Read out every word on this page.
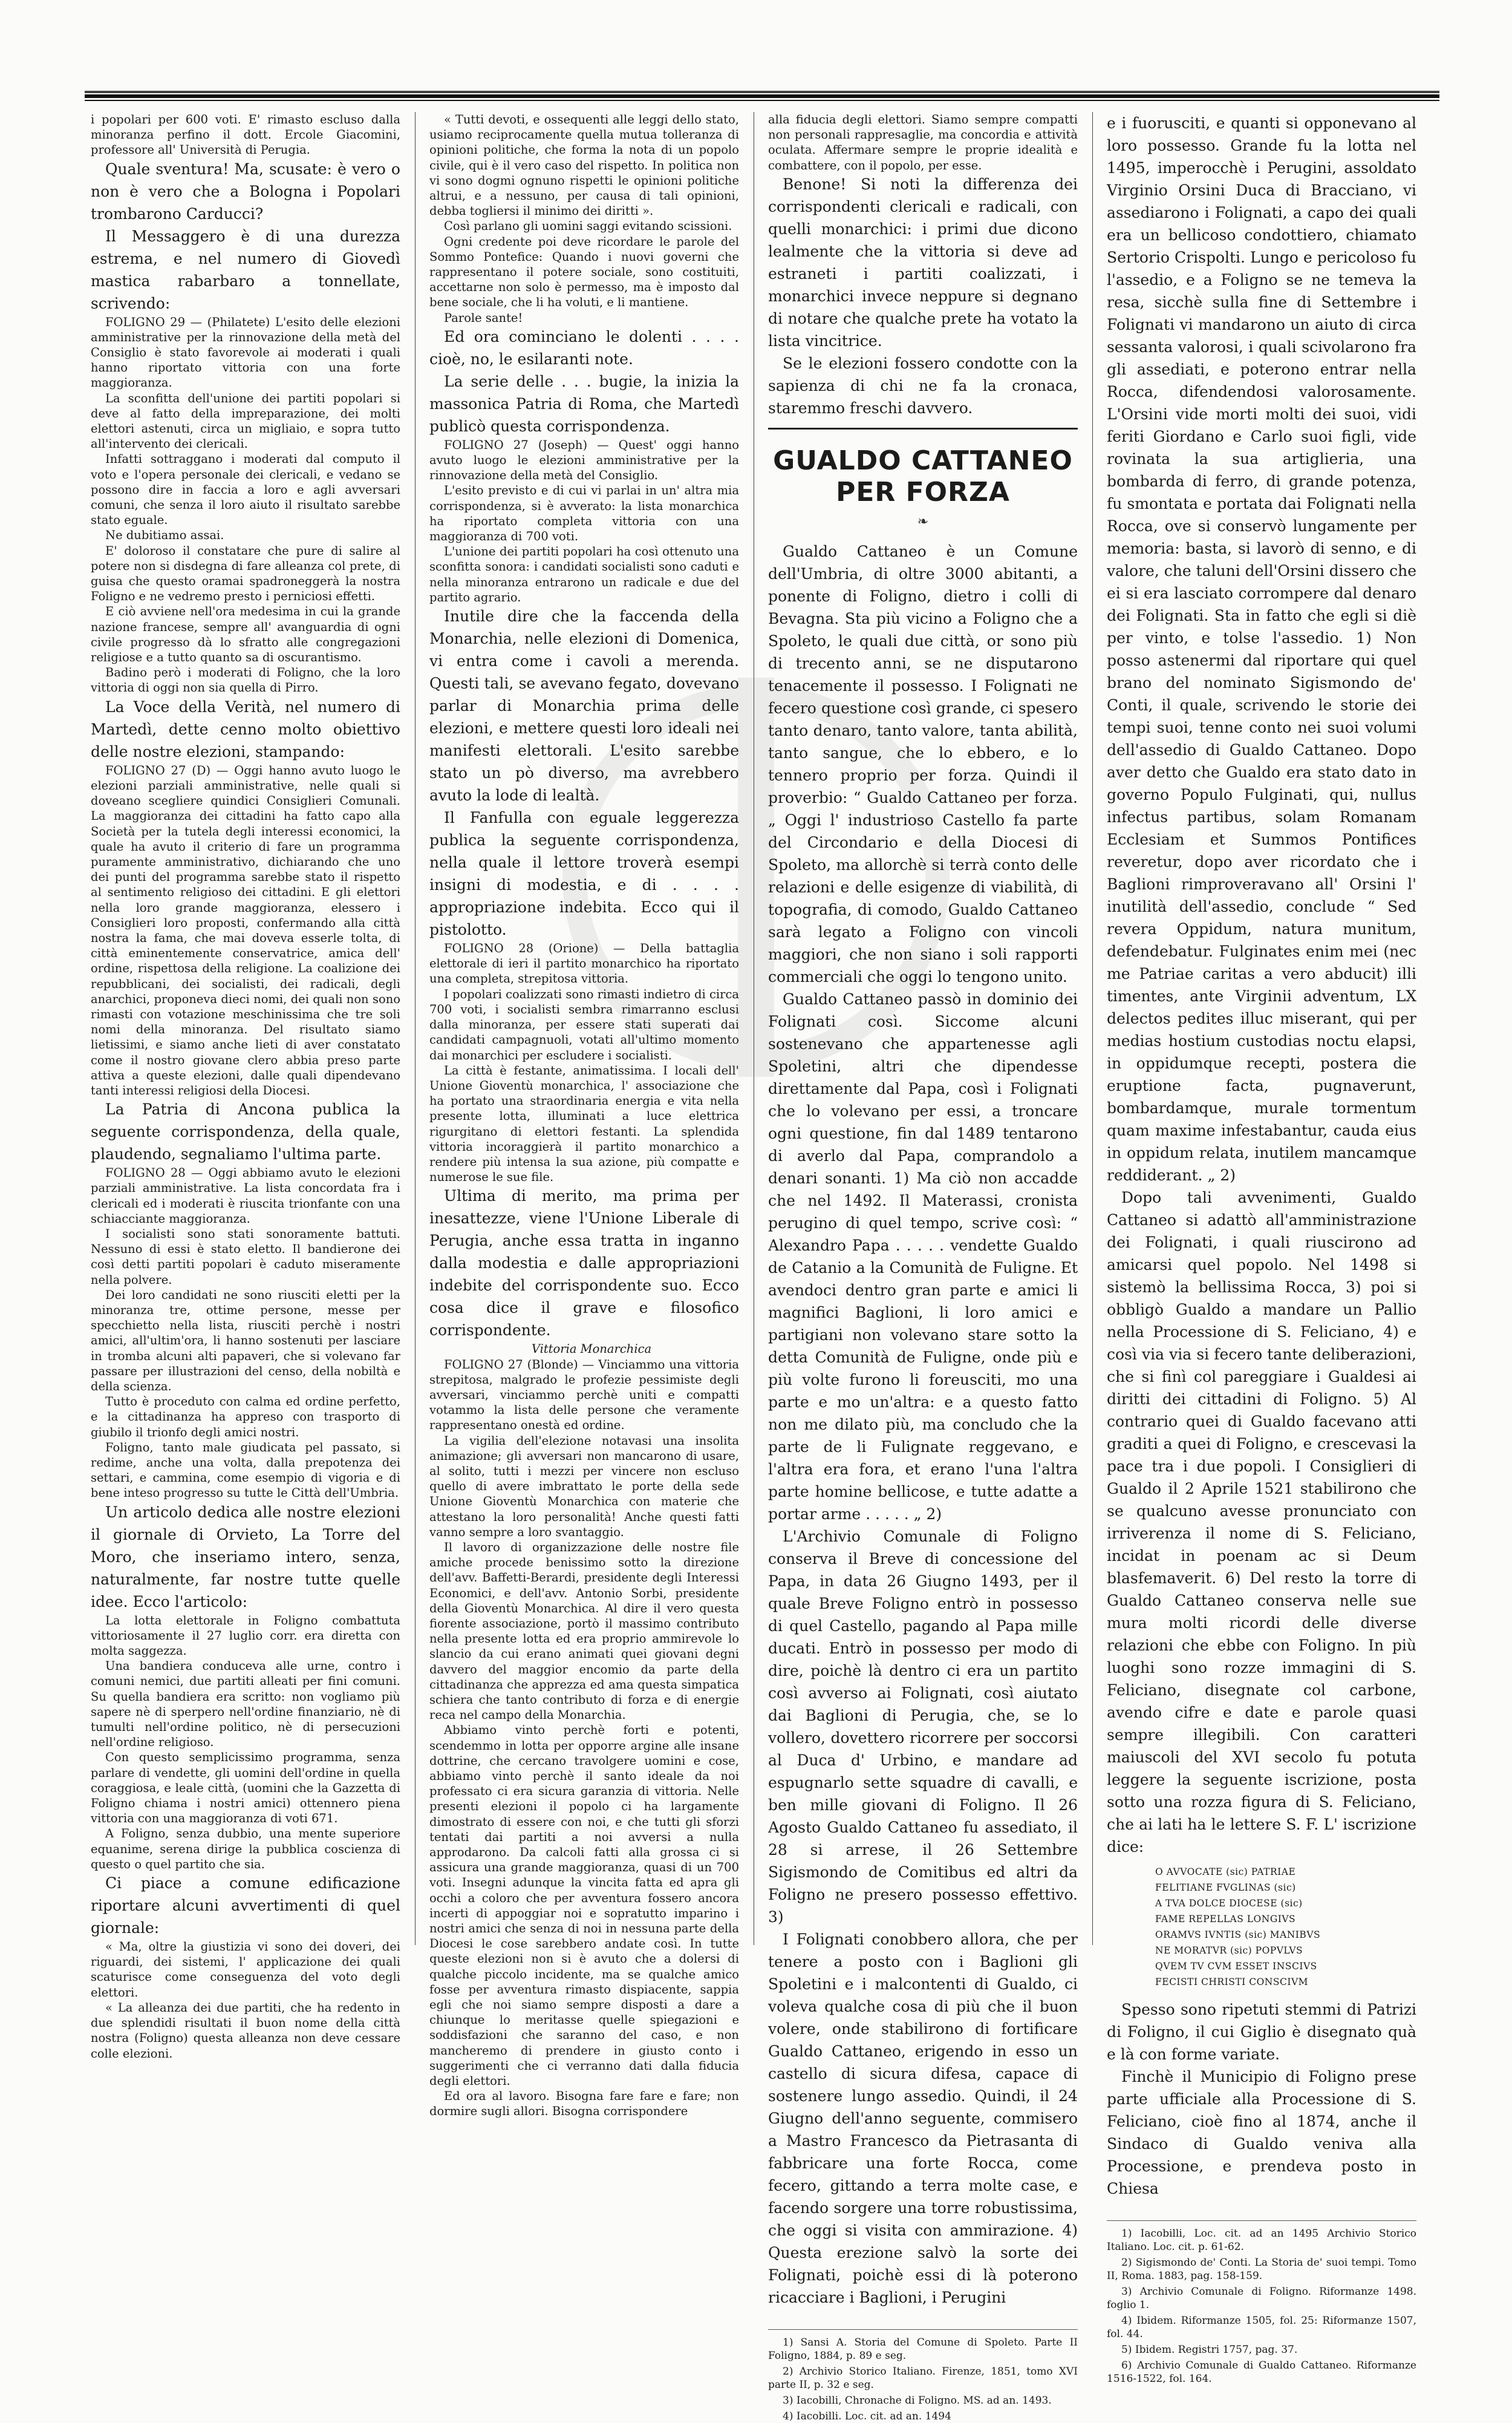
i popolari per 600 voti. E' rimasto escluso dalla minoranza perfino il dott. Ercole Giacomini, professore all' Università di Perugia.

Quale sventura! Ma, scusate: è vero o non è vero che a Bologna i Popolari trombarono Carducci?

Il Messaggero è di una durezza estrema, e nel numero di Giovedì mastica rabarbaro a tonnellate, scrivendo:

FOLIGNO 29 — (Philatete) L'esito delle elezioni amministrative per la rinnovazione della metà del Consiglio è stato favorevole ai moderati i quali hanno riportato vittoria con una forte maggioranza.

La sconfitta dell'unione dei partiti popolari si deve al fatto della impreparazione, dei molti elettori astenuti, circa un migliaio, e sopra tutto all'intervento dei clericali.

Infatti sottraggano i moderati dal computo il voto e l'opera personale dei clericali, e vedano se possono dire in faccia a loro e agli avversari comuni, che senza il loro aiuto il risultato sarebbe stato eguale.

Ne dubitiamo assai.

E' doloroso il constatare che pure di salire al potere non si disdegna di fare alleanza col prete, di guisa che questo oramai spadroneggerà la nostra Foligno e ne vedremo presto i perniciosi effetti.

E ciò avviene nell'ora medesima in cui la grande nazione francese, sempre all' avanguardia di ogni civile progresso dà lo sfratto alle congregazioni religiose e a tutto quanto sa di oscurantismo.

Badino però i moderati di Foligno, che la loro vittoria di oggi non sia quella di Pirro.

La Voce della Verità, nel numero di Martedì, dette cenno molto obiettivo delle nostre elezioni, stampando:

FOLIGNO 27 (D) — Oggi hanno avuto luogo le elezioni parziali amministrative, nelle quali si doveano scegliere quindici Consiglieri Comunali. La maggioranza dei cittadini ha fatto capo alla Società per la tutela degli interessi economici, la quale ha avuto il criterio di fare un programma puramente amministrativo, dichiarando che uno dei punti del programma sarebbe stato il rispetto al sentimento religioso dei cittadini. E gli elettori nella loro grande maggioranza, elessero i Consiglieri loro proposti, confermando alla città nostra la fama, che mai doveva esserle tolta, di città eminentemente conservatrice, amica dell' ordine, rispettosa della religione. La coalizione dei repubblicani, dei socialisti, dei radicali, degli anarchici, proponeva dieci nomi, dei quali non sono rimasti con votazione meschinissima che tre soli nomi della minoranza. Del risultato siamo lietissimi, e siamo anche lieti di aver constatato come il nostro giovane clero abbia preso parte attiva a queste elezioni, dalle quali dipendevano tanti interessi religiosi della Diocesi.

La Patria di Ancona publica la seguente corrispondenza, della quale, plaudendo, segnaliamo l'ultima parte.

FOLIGNO 28 — Oggi abbiamo avuto le elezioni parziali amministrative. La lista concordata fra i clericali ed i moderati è riuscita trionfante con una schiacciante maggioranza.

I socialisti sono stati sonoramente battuti. Nessuno di essi è stato eletto. Il bandierone dei così detti partiti popolari è caduto miseramente nella polvere.

Dei loro candidati ne sono riusciti eletti per la minoranza tre, ottime persone, messe per specchietto nella lista, riusciti perchè i nostri amici, all'ultim'ora, li hanno sostenuti per lasciare in tromba alcuni alti papaveri, che si volevano far passare per illustrazioni del censo, della nobiltà e della scienza.

Tutto è proceduto con calma ed ordine perfetto, e la cittadinanza ha appreso con trasporto di giubilo il trionfo degli amici nostri.

Foligno, tanto male giudicata pel passato, si redime, anche una volta, dalla prepotenza dei settari, e cammina, come esempio di vigoria e di bene inteso progresso su tutte le Città dell'Umbria.

Un articolo dedica alle nostre elezioni il giornale di Orvieto, La Torre del Moro, che inseriamo intero, senza, naturalmente, far nostre tutte quelle idee. Ecco l'articolo:

La lotta elettorale in Foligno combattuta vittoriosamente il 27 luglio corr. era diretta con molta saggezza.

Una bandiera conduceva alle urne, contro i comuni nemici, due partiti alleati per fini comuni. Su quella bandiera era scritto: non vogliamo più sapere nè di sperpero nell'ordine finanziario, nè di tumulti nell'ordine politico, nè di persecuzioni nell'ordine religioso.

Con questo semplicissimo programma, senza parlare di vendette, gli uomini dell'ordine in quella coraggiosa, e leale città, (uomini che la Gazzetta di Foligno chiama i nostri amici) ottennero piena vittoria con una maggioranza di voti 671.

A Foligno, senza dubbio, una mente superiore equanime, serena dirige la pubblica coscienza di questo o quel partito che sia.

Ci piace a comune edificazione riportare alcuni avvertimenti di quel giornale:

« Ma, oltre la giustizia vi sono dei doveri, dei riguardi, dei sistemi, l' applicazione dei quali scaturisce come conseguenza del voto degli elettori.

« La alleanza dei due partiti, che ha redento in due splendidi risultati il buon nome della città nostra (Foligno) questa alleanza non deve cessare colle elezioni.

« Tutti devoti, e ossequenti alle leggi dello stato, usiamo reciprocamente quella mutua tolleranza di opinioni politiche, che forma la nota di un popolo civile, qui è il vero caso del rispetto. In politica non vi sono dogmi ognuno rispetti le opinioni politiche altrui, e a nessuno, per causa di tali opinioni, debba togliersi il minimo dei diritti ».

Così parlano gli uomini saggi evitando scissioni.

Ogni credente poi deve ricordare le parole del Sommo Pontefice: Quando i nuovi governi che rappresentano il potere sociale, sono costituiti, accettarne non solo è permesso, ma è imposto dal bene sociale, che li ha voluti, e li mantiene.

Parole sante!

Ed ora cominciano le dolenti . . . . cioè, no, le esilaranti note.

La serie delle . . . bugie, la inizia la massonica Patria di Roma, che Martedì publicò questa corrispondenza.

FOLIGNO 27 (Joseph) — Quest' oggi hanno avuto luogo le elezioni amministrative per la rinnovazione della metà del Consiglio.

L'esito previsto e di cui vi parlai in un' altra mia corrispondenza, si è avverato: la lista monarchica ha riportato completa vittoria con una maggioranza di 700 voti.

L'unione dei partiti popolari ha così ottenuto una sconfitta sonora: i candidati socialisti sono caduti e nella minoranza entrarono un radicale e due del partito agrario.

Inutile dire che la faccenda della Monarchia, nelle elezioni di Domenica, vi entra come i cavoli a merenda. Questi tali, se avevano fegato, dovevano parlar di Monarchia prima delle elezioni, e mettere questi loro ideali nei manifesti elettorali. L'esito sarebbe stato un pò diverso, ma avrebbero avuto la lode di lealtà.

Il Fanfulla con eguale leggerezza publica la seguente corrispondenza, nella quale il lettore troverà esempi insigni di modestia, e di . . . . appropriazione indebita. Ecco qui il pistolotto.

FOLIGNO 28 (Orione) — Della battaglia elettorale di ieri il partito monarchico ha riportato una completa, strepitosa vittoria.

I popolari coalizzati sono rimasti indietro di circa 700 voti, i socialisti sembra rimarranno esclusi dalla minoranza, per essere stati superati dai candidati campagnuoli, votati all'ultimo momento dai monarchici per escludere i socialisti.

La città è festante, animatissima. I locali dell' Unione Gioventù monarchica, l' associazione che ha portato una straordinaria energia e vita nella presente lotta, illuminati a luce elettrica rigurgitano di elettori festanti. La splendida vittoria incoraggierà il partito monarchico a rendere più intensa la sua azione, più compatte e numerose le sue file.

Ultima di merito, ma prima per inesattezze, viene l'Unione Liberale di Perugia, anche essa tratta in inganno dalla modestia e dalle appropriazioni indebite del corrispondente suo. Ecco cosa dice il grave e filosofico corrispondente.

Vittoria Monarchica

FOLIGNO 27 (Blonde) — Vinciammo una vittoria strepitosa, malgrado le profezie pessimiste degli avversari, vinciammo perchè uniti e compatti votammo la lista delle persone che veramente rappresentano onestà ed ordine.

La vigilia dell'elezione notavasi una insolita animazione; gli avversari non mancarono di usare, al solito, tutti i mezzi per vincere non escluso quello di avere imbrattato le porte della sede Unione Gioventù Monarchica con materie che attestano la loro personalità! Anche questi fatti vanno sempre a loro svantaggio.

Il lavoro di organizzazione delle nostre file amiche procede benissimo sotto la direzione dell'avv. Baffetti-Berardi, presidente degli Interessi Economici, e dell'avv. Antonio Sorbi, presidente della Gioventù Monarchica. Al dire il vero questa fiorente associazione, portò il massimo contributo nella presente lotta ed era proprio ammirevole lo slancio da cui erano animati quei giovani degni davvero del maggior encomio da parte della cittadinanza che apprezza ed ama questa simpatica schiera che tanto contributo di forza e di energie reca nel campo della Monarchia.

Abbiamo vinto perchè forti e potenti, scendemmo in lotta per opporre argine alle insane dottrine, che cercano travolgere uomini e cose, abbiamo vinto perchè il santo ideale da noi professato ci era sicura garanzia di vittoria. Nelle presenti elezioni il popolo ci ha largamente dimostrato di essere con noi, e che tutti gli sforzi tentati dai partiti a noi avversi a nulla approdarono. Da calcoli fatti alla grossa ci si assicura una grande maggioranza, quasi di un 700 voti. Insegni adunque la vincita fatta ed apra gli occhi a coloro che per avventura fossero ancora incerti di appoggiar noi e sopratutto imparino i nostri amici che senza di noi in nessuna parte della Diocesi le cose sarebbero andate così. In tutte queste elezioni non si è avuto che a dolersi di qualche piccolo incidente, ma se qualche amico fosse per avventura rimasto dispiacente, sappia egli che noi siamo sempre disposti a dare a chiunque lo meritasse quelle spiegazioni e soddisfazioni che saranno del caso, e non mancheremo di prendere in giusto conto i suggerimenti che ci verranno dati dalla fiducia degli elettori.

Ed ora al lavoro. Bisogna fare fare e fare; non dormire sugli allori. Bisogna corrispondere

alla fiducia degli elettori. Siamo sempre compatti non personali rappresaglie, ma concordia e attività oculata. Affermare sempre le proprie idealità e combattere, con il popolo, per esse.

Benone! Si noti la differenza dei corrispondenti clericali e radicali, con quelli monarchici: i primi due dicono lealmente che la vittoria si deve ad estraneti i partiti coalizzati, i monarchici invece neppure si degnano di notare che qualche prete ha votato la lista vincitrice.

Se le elezioni fossero condotte con la sapienza di chi ne fa la cronaca, staremmo freschi davvero.

GUALDO CATTANEO PER FORZA
❧

Gualdo Cattaneo è un Comune dell'Umbria, di oltre 3000 abitanti, a ponente di Foligno, dietro i colli di Bevagna. Sta più vicino a Foligno che a Spoleto, le quali due città, or sono più di trecento anni, se ne disputarono tenacemente il possesso. I Folignati ne fecero questione così grande, ci spesero tanto denaro, tanto valore, tanta abilità, tanto sangue, che lo ebbero, e lo tennero proprio per forza. Quindi il proverbio: “ Gualdo Cattaneo per forza. „ Oggi l' industrioso Castello fa parte del Circondario e della Diocesi di Spoleto, ma allorchè si terrà conto delle relazioni e delle esigenze di viabilità, di topografia, di comodo, Gualdo Cattaneo sarà legato a Foligno con vincoli maggiori, che non siano i soli rapporti commerciali che oggi lo tengono unito.

Gualdo Cattaneo passò in dominio dei Folignati così. Siccome alcuni sostenevano che appartenesse agli Spoletini, altri che dipendesse direttamente dal Papa, così i Folignati che lo volevano per essi, a troncare ogni questione, fin dal 1489 tentarono di averlo dal Papa, comprandolo a denari sonanti. 1) Ma ciò non accadde che nel 1492. Il Materassi, cronista perugino di quel tempo, scrive così: “ Alexandro Papa . . . . . vendette Gualdo de Catanio a la Comunità de Fuligne. Et avendoci dentro gran parte e amici li magnifici Baglioni, li loro amici e partigiani non volevano stare sotto la detta Comunità de Fuligne, onde più e più volte furono li foreusciti, mo una parte e mo un'altra: e a questo fatto non me dilato più, ma concludo che la parte de li Fulignate reggevano, e l'altra era fora, et erano l'una l'altra parte homine bellicose, e tutte adatte a portar arme . . . . . „ 2)

L'Archivio Comunale di Foligno conserva il Breve di concessione del Papa, in data 26 Giugno 1493, per il quale Breve Foligno entrò in possesso di quel Castello, pagando al Papa mille ducati. Entrò in possesso per modo di dire, poichè là dentro ci era un partito così avverso ai Folignati, così aiutato dai Baglioni di Perugia, che, se lo vollero, dovettero ricorrere per soccorsi al Duca d' Urbino, e mandare ad espugnarlo sette squadre di cavalli, e ben mille giovani di Foligno. Il 26 Agosto Gualdo Cattaneo fu assediato, il 28 si arrese, il 26 Settembre Sigismondo de Comitibus ed altri da Foligno ne presero possesso effettivo. 3)

I Folignati conobbero allora, che per tenere a posto con i Baglioni gli Spoletini e i malcontenti di Gualdo, ci voleva qualche cosa di più che il buon volere, onde stabilirono di fortificare Gualdo Cattaneo, erigendo in esso un castello di sicura difesa, capace di sostenere lungo assedio. Quindi, il 24 Giugno dell'anno seguente, commisero a Mastro Francesco da Pietrasanta di fabbricare una forte Rocca, come fecero, gittando a terra molte case, e facendo sorgere una torre robustissima, che oggi si visita con ammirazione. 4) Questa erezione salvò la sorte dei Folignati, poichè essi di là poterono ricacciare i Baglioni, i Perugini

1) Sansi A. Storia del Comune di Spoleto. Parte II Foligno, 1884, p. 89 e seg.

2) Archivio Storico Italiano. Firenze, 1851, tomo XVI parte II, p. 32 e seg.

3) Iacobilli, Chronache di Foligno. MS. ad an. 1493.

4) Iacobilli. Loc. cit. ad an. 1494

e i fuorusciti, e quanti si opponevano al loro possesso. Grande fu la lotta nel 1495, imperocchè i Perugini, assoldato Virginio Orsini Duca di Bracciano, vi assediarono i Folignati, a capo dei quali era un bellicoso condottiero, chiamato Sertorio Crispolti. Lungo e pericoloso fu l'assedio, e a Foligno se ne temeva la resa, sicchè sulla fine di Settembre i Folignati vi mandarono un aiuto di circa sessanta valorosi, i quali scivolarono fra gli assediati, e poterono entrar nella Rocca, difendendosi valorosamente. L'Orsini vide morti molti dei suoi, vidi feriti Giordano e Carlo suoi figli, vide rovinata la sua artiglieria, una bombarda di ferro, di grande potenza, fu smontata e portata dai Folignati nella Rocca, ove si conservò lungamente per memoria: basta, si lavorò di senno, e di valore, che taluni dell'Orsini dissero che ei si era lasciato corrompere dal denaro dei Folignati. Sta in fatto che egli si diè per vinto, e tolse l'assedio. 1) Non posso astenermi dal riportare qui quel brano del nominato Sigismondo de' Conti, il quale, scrivendo le storie dei tempi suoi, tenne conto nei suoi volumi dell'assedio di Gualdo Cattaneo. Dopo aver detto che Gualdo era stato dato in governo Populo Fulginati, qui, nullus infectus partibus, solam Romanam Ecclesiam et Summos Pontifices reveretur, dopo aver ricordato che i Baglioni rimproveravano all' Orsini l' inutilità dell'assedio, conclude “ Sed revera Oppidum, natura munitum, defendebatur. Fulginates enim mei (nec me Patriae caritas a vero abducit) illi timentes, ante Virginii adventum, LX delectos pedites illuc miserant, qui per medias hostium custodias noctu elapsi, in oppidumque recepti, postera die eruptione facta, pugnaverunt, bombardamque, murale tormentum quam maxime infestabantur, cauda eius in oppidum relata, inutilem mancamque reddiderant. „ 2)

Dopo tali avvenimenti, Gualdo Cattaneo si adattò all'amministrazione dei Folignati, i quali riuscirono ad amicarsi quel popolo. Nel 1498 si sistemò la bellissima Rocca, 3) poi si obbligò Gualdo a mandare un Pallio nella Processione di S. Feliciano, 4) e così via via si fecero tante deliberazioni, che si finì col pareggiare i Gualdesi ai diritti dei cittadini di Foligno. 5) Al contrario quei di Gualdo facevano atti graditi a quei di Foligno, e crescevasi la pace tra i due popoli. I Consiglieri di Gualdo il 2 Aprile 1521 stabilirono che se qualcuno avesse pronunciato con irriverenza il nome di S. Feliciano, incidat in poenam ac si Deum blasfemaverit. 6) Del resto la torre di Gualdo Cattaneo conserva nelle sue mura molti ricordi delle diverse relazioni che ebbe con Foligno. In più luoghi sono rozze immagini di S. Feliciano, disegnate col carbone, avendo cifre e date e parole quasi sempre illegibili. Con caratteri maiuscoli del XVI secolo fu potuta leggere la seguente iscrizione, posta sotto una rozza figura di S. Feliciano, che ai lati ha le lettere S. F. L' iscrizione dice:

O AVVOCATE (sic) PATRIAE
FELITIANE FVGLINAS (sic)
A TVA DOLCE DIOCESE (sic)
FAME REPELLAS LONGIVS
ORAMVS IVNTIS (sic) MANIBVS
NE MORATVR (sic) POPVLVS
QVEM TV CVM ESSET INSCIVS
FECISTI CHRISTI CONSCIVM

Spesso sono ripetuti stemmi di Patrizi di Foligno, il cui Giglio è disegnato quà e là con forme variate.

Finchè il Municipio di Foligno prese parte ufficiale alla Processione di S. Feliciano, cioè fino al 1874, anche il Sindaco di Gualdo veniva alla Processione, e prendeva posto in Chiesa

1) Iacobilli, Loc. cit. ad an 1495 Archivio Storico Italiano. Loc. cit. p. 61-62.

2) Sigismondo de' Conti. La Storia de' suoi tempi. Tomo II, Roma. 1883, pag. 158-159.

3) Archivio Comunale di Foligno. Riformanze 1498. foglio 1.

4) Ibidem. Riformanze 1505, fol. 25: Riformanze 1507, fol. 44.

5) Ibidem. Registri 1757, pag. 37.

6) Archivio Comunale di Gualdo Cattaneo. Riformanze 1516-1522, fol. 164.
